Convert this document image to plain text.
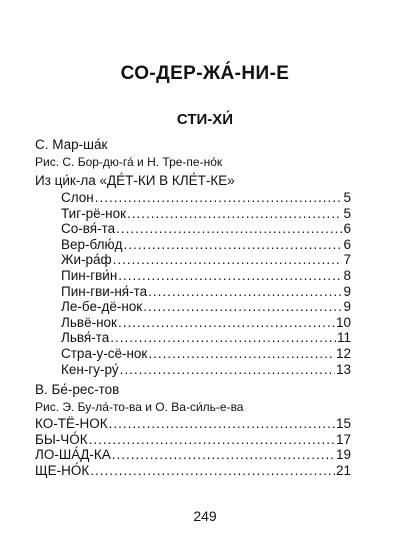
СО-ДЕР-ЖА́-НИ-Е
СТИ-ХИ́
С. Мар-ша́к
Рис. С. Бор-дю-га́ и Н. Тре-пе-но́к
Из ци́к-ла «ДЕ́Т-КИ В КЛЕ́Т-КЕ»
Слон .....	5
Тиг-рё-нок .....	5
Со-вя́-та .....	6
Вер-блю́д .....	6
Жи-ра́ф .....	7
Пин-гви́н .....	8
Пин-гви-ня́-та .....	9
Ле-бе-дё-нок .....	9
Львё-нок .....	10
Львя́-та .....	11
Стра-у-сё-нок .....	12
Кен-гу-ру́ .....	13
В. Бе́-рес-тов
Рис. Э. Бу-ла́-то-ва и О. Ва-си́ль-е-ва
КО-ТЁ-НОК .....	15
БЫ-ЧО́К .....	17
ЛО-ША́Д-КА .....	19
ЩЕ-НО́К .....	21
249
